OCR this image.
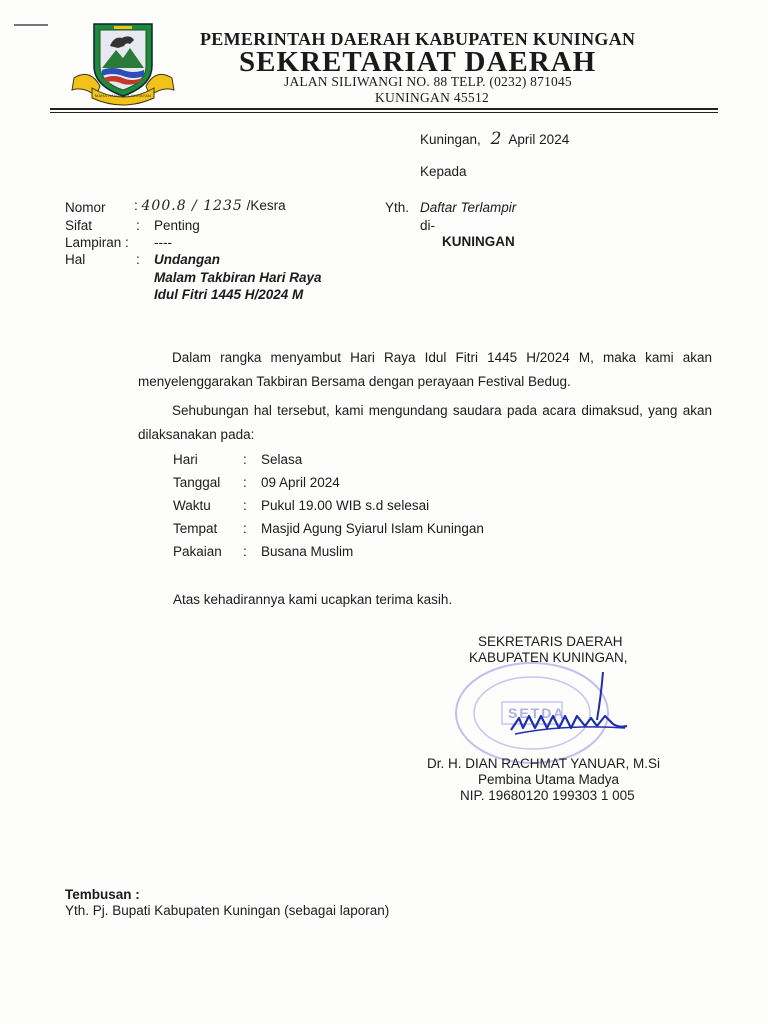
MAHA KANAMAN AMRAYAN
PEMERINTAH DAERAH KABUPATEN KUNINGAN
SEKRETARIAT DAERAH
JALAN SILIWANGI NO. 88 TELP. (0232) 871045
KUNINGAN 45512
Kuningan, 2 April 2024
Kepada
Nomor : 400.8 / 1235 /Kesra
Sifat	: Penting
Lampiran : ----
Hal	: Undangan
Malam Takbiran Hari Raya
Idul Fitri 1445 H/2024 M
Yth. Daftar Terlampir
di-
KUNINGAN
Dalam rangka menyambut Hari Raya Idul Fitri 1445 H/2024 M, maka kami akan menyelenggarakan Takbiran Bersama dengan perayaan Festival Bedug.
Sehubungan hal tersebut, kami mengundang saudara pada acara dimaksud, yang akan dilaksanakan pada:
Hari	: Selasa
Tanggal : 09 April 2024
Waktu : Pukul 19.00 WIB s.d selesai
Tempat : Masjid Agung Syiarul Islam Kuningan
Pakaian : Busana Muslim
Atas kehadirannya kami ucapkan terima kasih.
SEKRETARIS DAERAH
KABUPATEN KUNINGAN,
SETDA
Dr. H. DIAN RACHMAT YANUAR, M.Si
Pembina Utama Madya
NIP. 19680120 199303 1 005
Tembusan :
Yth. Pj. Bupati Kabupaten Kuningan (sebagai laporan)
